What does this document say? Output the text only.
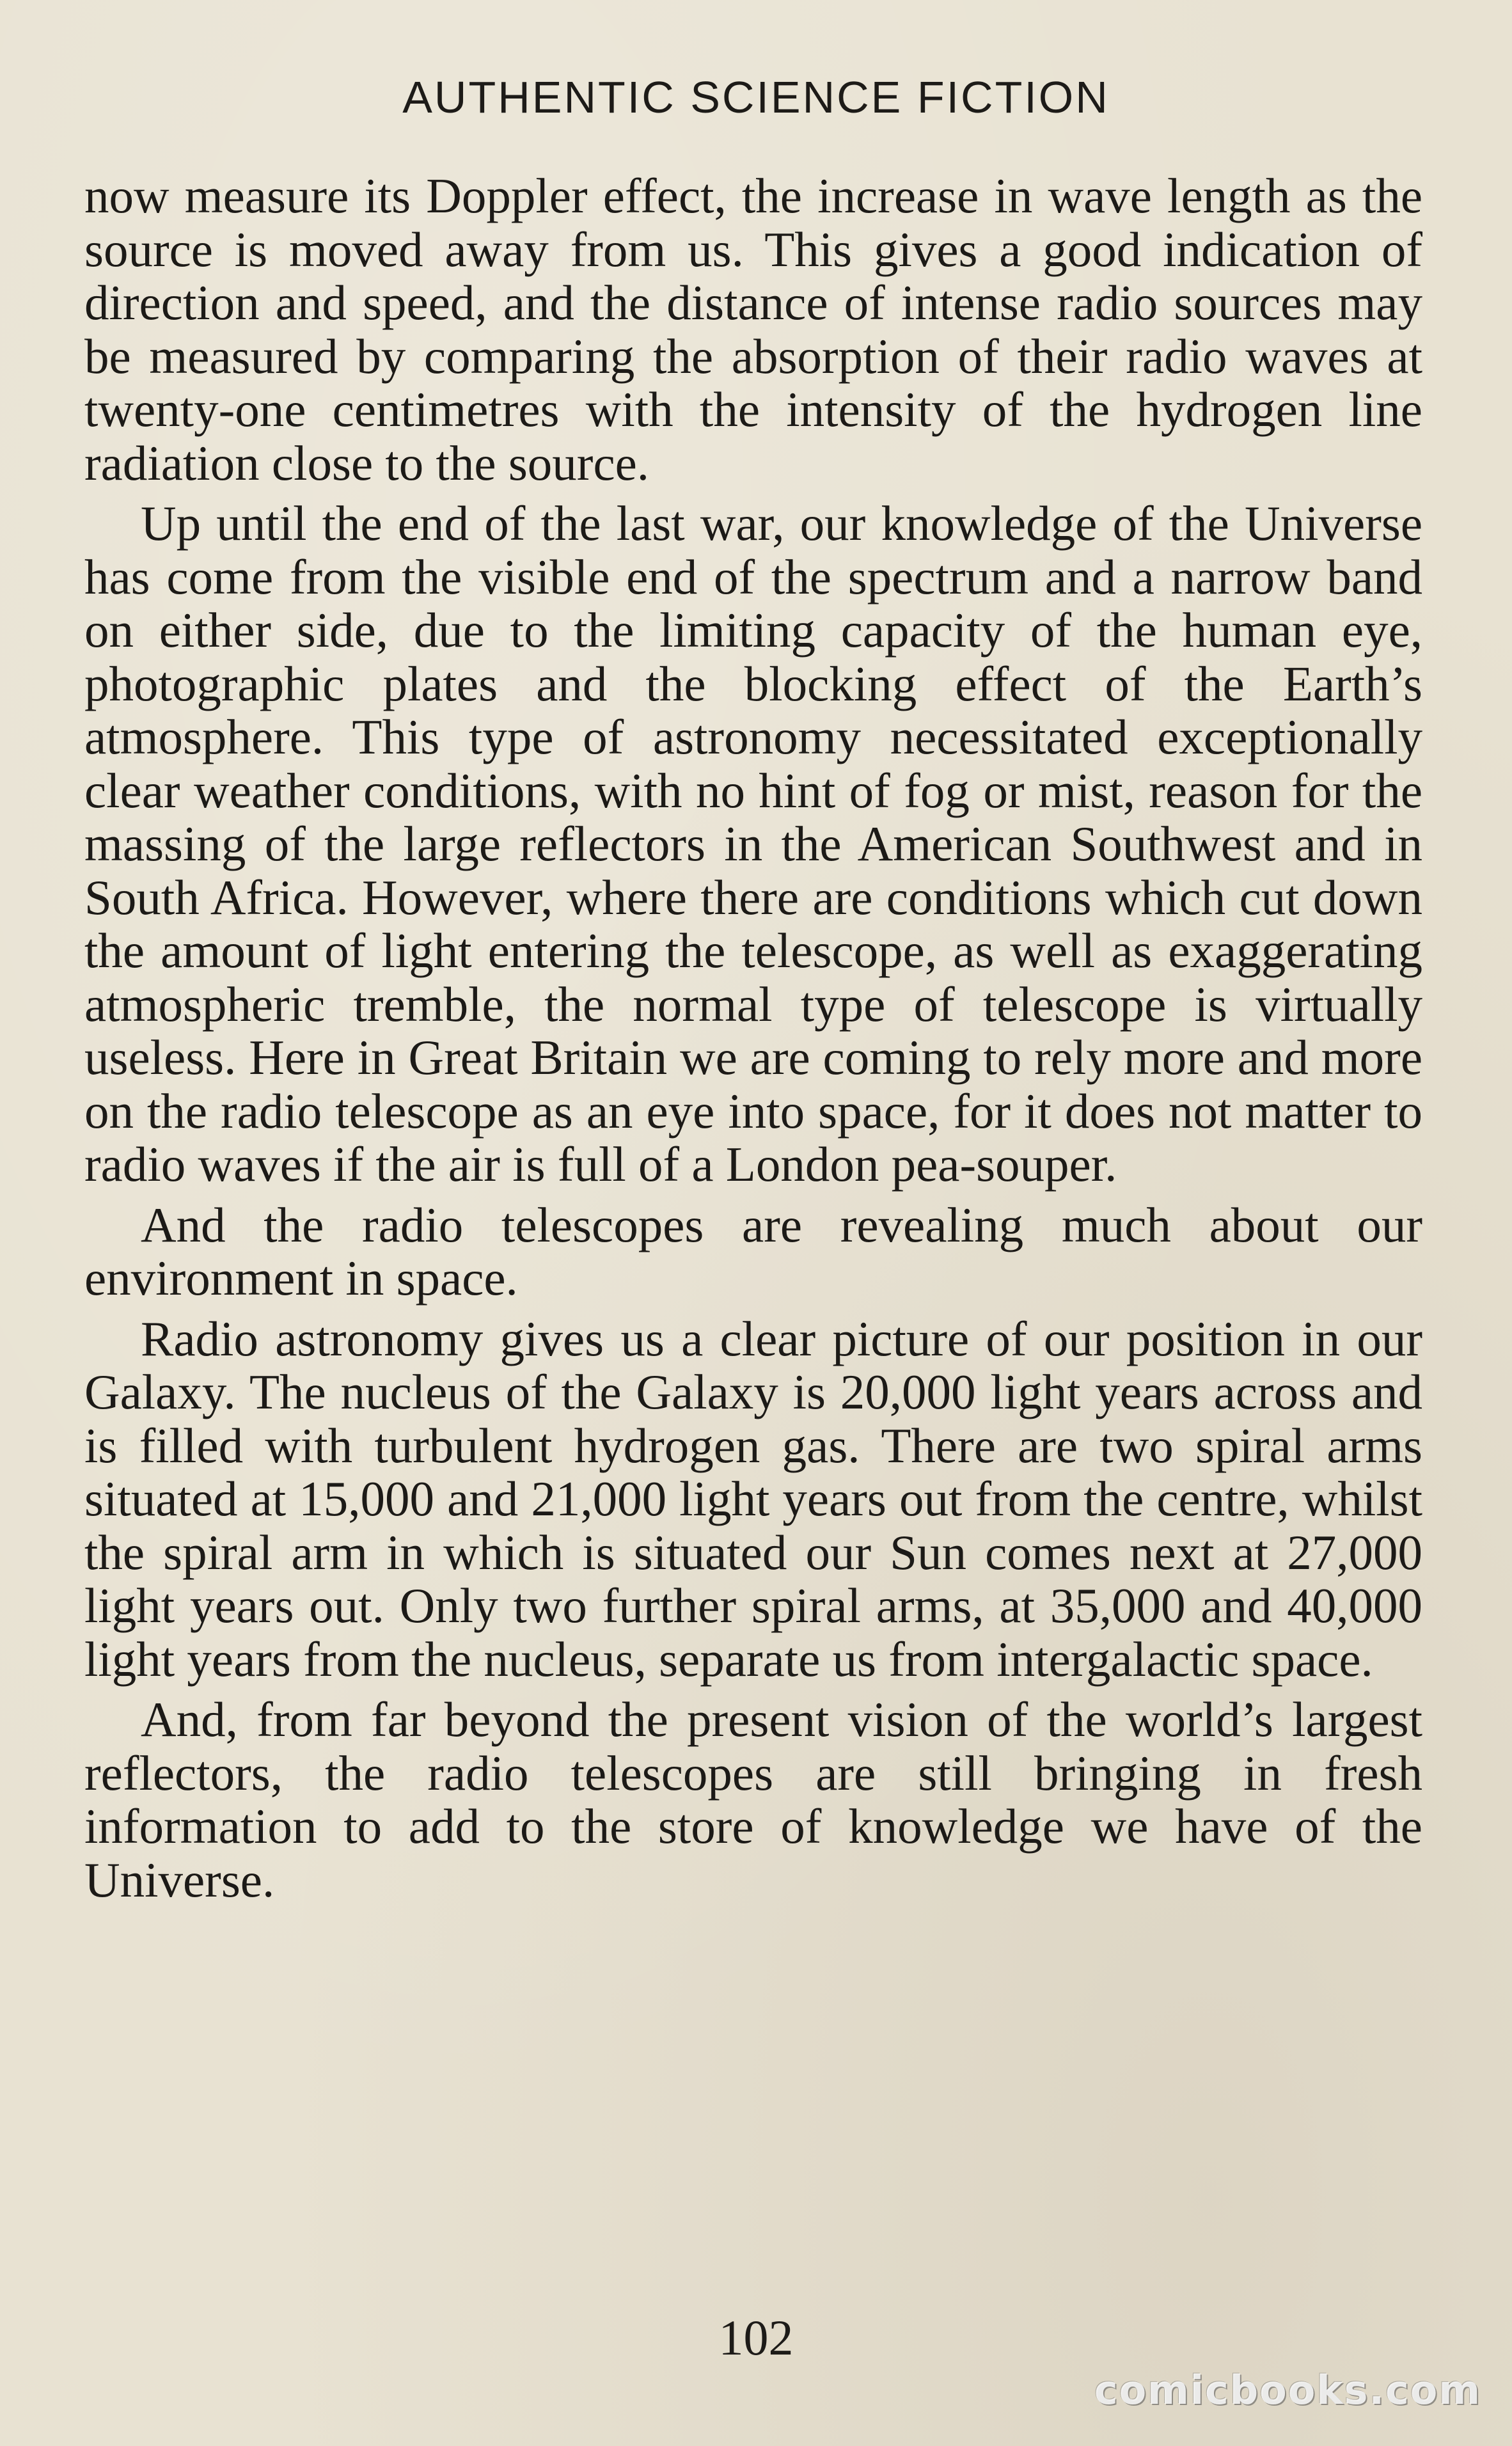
AUTHENTIC SCIENCE FICTION

now measure its Doppler effect, the increase in wave length as the source is moved away from us. This gives a good indication of direction and speed, and the distance of intense radio sources may be measured by comparing the absorption of their radio waves at twenty-one centimetres with the intensity of the hydrogen line radiation close to the source.

Up until the end of the last war, our knowledge of the Universe has come from the visible end of the spectrum and a narrow band on either side, due to the limiting capacity of the human eye, photographic plates and the blocking effect of the Earth’s atmosphere. This type of astronomy necessitated exceptionally clear weather conditions, with no hint of fog or mist, reason for the massing of the large reflectors in the American Southwest and in South Africa. However, where there are conditions which cut down the amount of light entering the telescope, as well as exaggerating atmospheric tremble, the normal type of telescope is virtually useless. Here in Great Britain we are coming to rely more and more on the radio telescope as an eye into space, for it does not matter to radio waves if the air is full of a London pea-souper.

And the radio telescopes are revealing much about our environment in space.

Radio astronomy gives us a clear picture of our position in our Galaxy. The nucleus of the Galaxy is 20,000 light years across and is filled with turbulent hydrogen gas. There are two spiral arms situated at 15,000 and 21,000 light years out from the centre, whilst the spiral arm in which is situated our Sun comes next at 27,000 light years out. Only two further spiral arms, at 35,000 and 40,000 light years from the nucleus, separate us from intergalactic space.

And, from far beyond the present vision of the world’s largest reflectors, the radio telescopes are still bringing in fresh information to add to the store of knowledge we have of the Universe.

102
comicbooks.com
